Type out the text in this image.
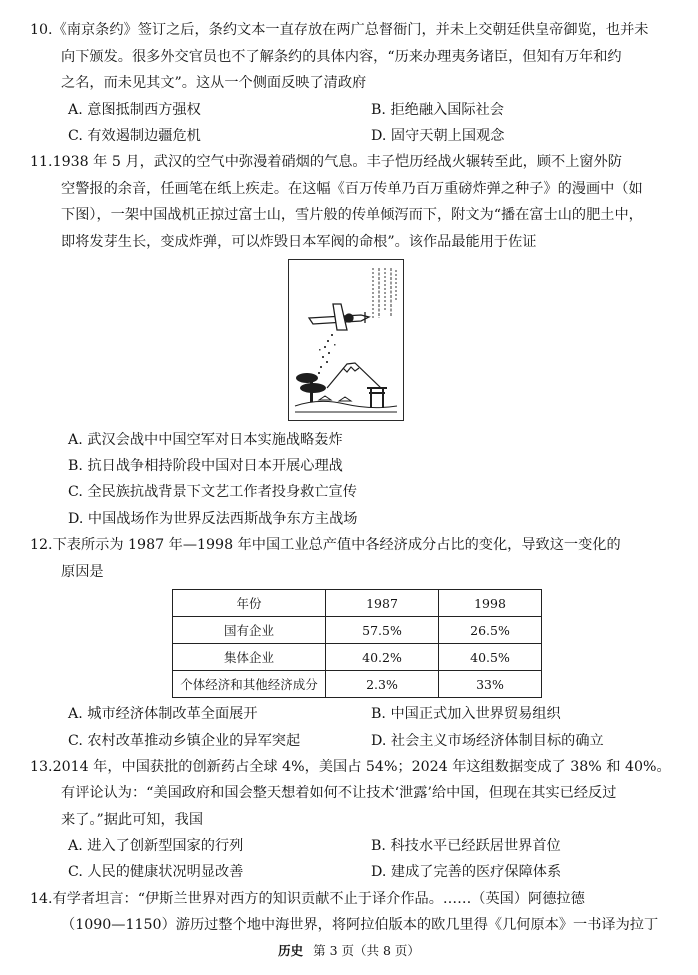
10.《南京条约》签订之后，条约文本一直存放在两广总督衙门，并未上交朝廷供皇帝御览，也并未
向下颁发。很多外交官员也不了解条约的具体内容，“历来办理夷务诸臣，但知有万年和约
之名，而未见其文”。这从一个侧面反映了清政府
A. 意图抵制西方强权	B. 拒绝融入国际社会
C. 有效遏制边疆危机	D. 固守天朝上国观念
11.1938 年 5 月，武汉的空气中弥漫着硝烟的气息。丰子恺历经战火辗转至此，顾不上窗外防
空警报的余音，任画笔在纸上疾走。在这幅《百万传单乃百万重磅炸弹之种子》的漫画中（如
下图），一架中国战机正掠过富士山，雪片般的传单倾泻而下，附文为“播在富士山的肥土中，
即将发芽生长，变成炸弹，可以炸毁日本军阀的命根”。该作品最能用于佐证
A. 武汉会战中中国空军对日本实施战略轰炸
B. 抗日战争相持阶段中国对日本开展心理战
C. 全民族抗战背景下文艺工作者投身救亡宣传
D. 中国战场作为世界反法西斯战争东方主战场
12.下表所示为 1987 年—1998 年中国工业总产值中各经济成分占比的变化，导致这一变化的
原因是
年份	1987	1998
国有企业	57.5%	26.5%
集体企业	40.2%	40.5%
个体经济和其他经济成分	2.3%	33%
A. 城市经济体制改革全面展开	B. 中国正式加入世界贸易组织
C. 农村改革推动乡镇企业的异军突起	D. 社会主义市场经济体制目标的确立
13.2014 年，中国获批的创新药占全球 4%，美国占 54%；2024 年这组数据变成了 38% 和 40%。
有评论认为：“美国政府和国会整天想着如何不让技术‘泄露’给中国，但现在其实已经反过
来了。”据此可知，我国
A. 进入了创新型国家的行列	B. 科技水平已经跃居世界首位
C. 人民的健康状况明显改善	D. 建成了完善的医疗保障体系
14.有学者坦言：“伊斯兰世界对西方的知识贡献不止于译介作品。……（英国）阿德拉德
（1090—1150）游历过整个地中海世界，将阿拉伯版本的欧几里得《几何原本》一书译为拉丁
历史 第 3 页（共 8 页）
